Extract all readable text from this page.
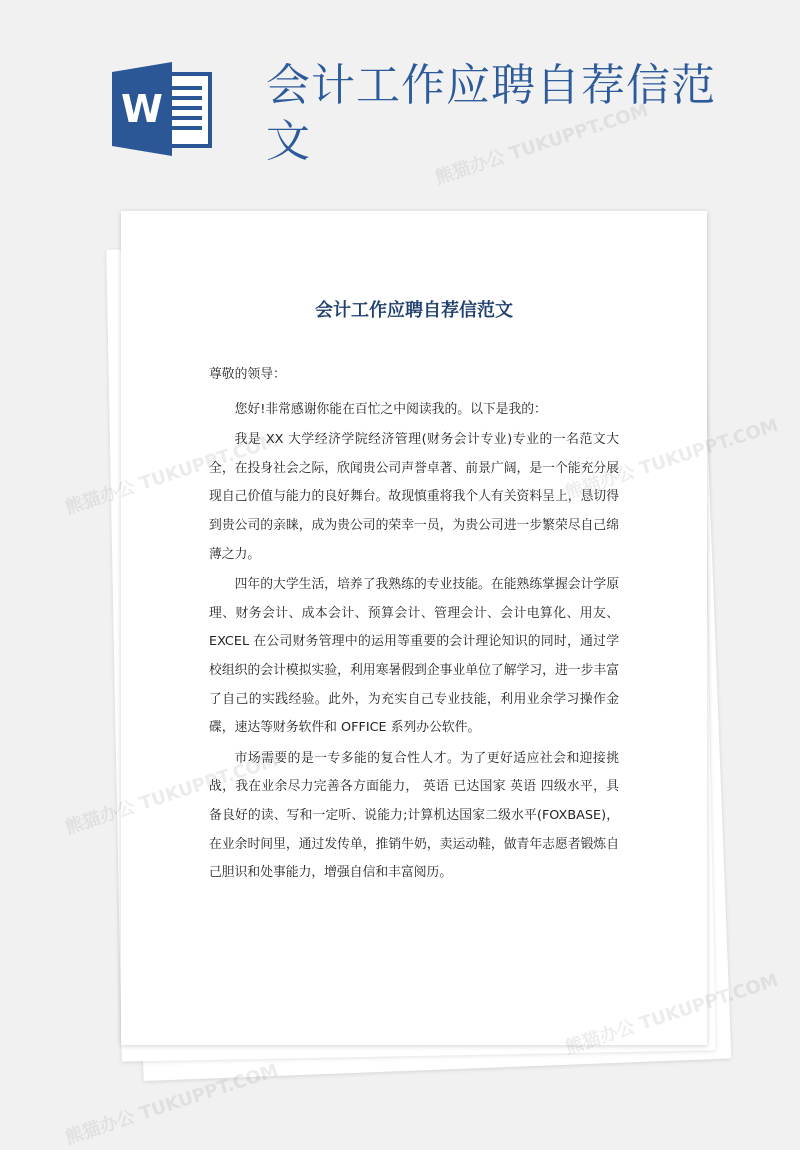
W 会计工作应聘自荐信范文
会计工作应聘自荐信范文

尊敬的领导：

您好!非常感谢你能在百忙之中阅读我的。以下是我的：

我是 XX 大学经济学院经济管理(财务会计专业)专业的一名范文大全，在投身社会之际，欣闻贵公司声誉卓著、前景广阔，是一个能充分展现自己价值与能力的良好舞台。故现慎重将我个人有关资料呈上，恳切得到贵公司的亲睐，成为贵公司的荣幸一员，为贵公司进一步繁荣尽自己绵薄之力。

四年的大学生活，培养了我熟练的专业技能。在能熟练掌握会计学原理、财务会计、成本会计、预算会计、管理会计、会计电算化、用友、EXCEL 在公司财务管理中的运用等重要的会计理论知识的同时，通过学校组织的会计模拟实验，利用寒暑假到企事业单位了解学习，进一步丰富了自己的实践经验。此外，为充实自己专业技能，利用业余学习操作金碟，速达等财务软件和 OFFICE 系列办公软件。

市场需要的是一专多能的复合性人才。为了更好适应社会和迎接挑战，我在业余尽力完善各方面能力， 英语 已达国家 英语 四级水平，具备良好的读、写和一定听、说能力;计算机达国家二级水平(FOXBASE)，在业余时间里，通过发传单，推销牛奶，卖运动鞋，做青年志愿者锻炼自己胆识和处事能力，增强自信和丰富阅历。

熊猫办公 TUKUPPT.COM
熊猫办公
TUKUPPT.COM
熊猫办公
熊猫办公 TUKUPPT.COM
